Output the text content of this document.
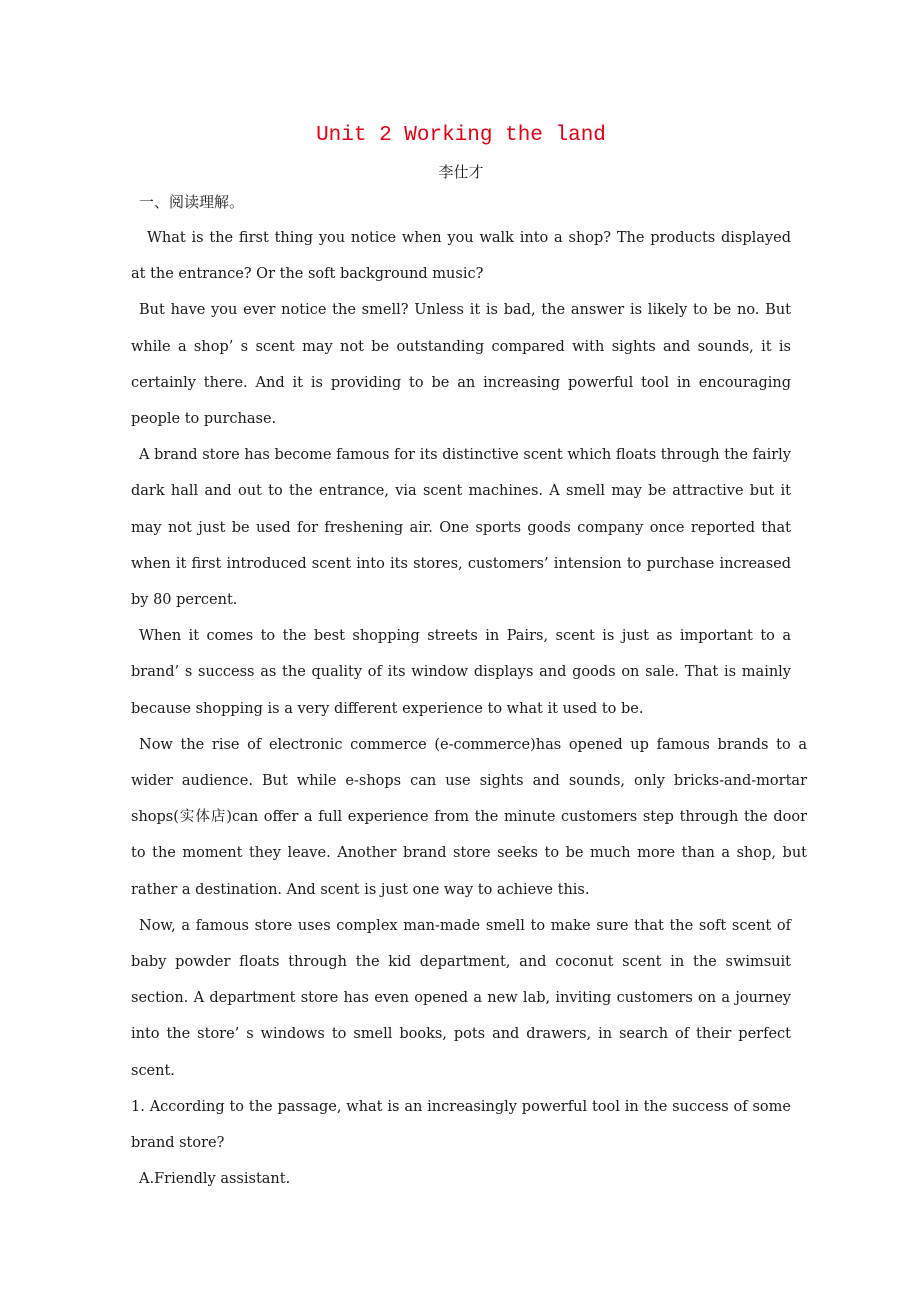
Unit 2 Working the land

李仕才

一、阅读理解。

What is the first thing you notice when you walk into a shop? The products displayed at the entrance? Or the soft background music?

But have you ever notice the smell? Unless it is bad, the answer is likely to be no. But while a shop’ s scent may not be outstanding compared with sights and sounds, it is certainly there. And it is providing to be an increasing powerful tool in encouraging people to purchase.

A brand store has become famous for its distinctive scent which floats through the fairly dark hall and out to the entrance, via scent machines. A smell may be attractive but it may not just be used for freshening air. One sports goods company once reported that when it first introduced scent into its stores, customers’ intension to purchase increased by 80 percent.

When it comes to the best shopping streets in Pairs, scent is just as important to a brand’ s success as the quality of its window displays and goods on sale. That is mainly because shopping is a very different experience to what it used to be.

Now the rise of electronic commerce (e-commerce)has opened up famous brands to a wider audience. But while e-shops can use sights and sounds, only bricks-and-mortar shops(实体店)can offer a full experience from the minute customers step through the door to the moment they leave. Another brand store seeks to be much more than a shop, but rather a destination. And scent is just one way to achieve this.

Now, a famous store uses complex man-made smell to make sure that the soft scent of baby powder floats through the kid department, and coconut scent in the swimsuit section. A department store has even opened a new lab, inviting customers on a journey into the store’ s windows to smell books, pots and drawers, in search of their perfect scent.

1. According to the passage, what is an increasingly powerful tool in the success of some brand store?

A.Friendly assistant.
